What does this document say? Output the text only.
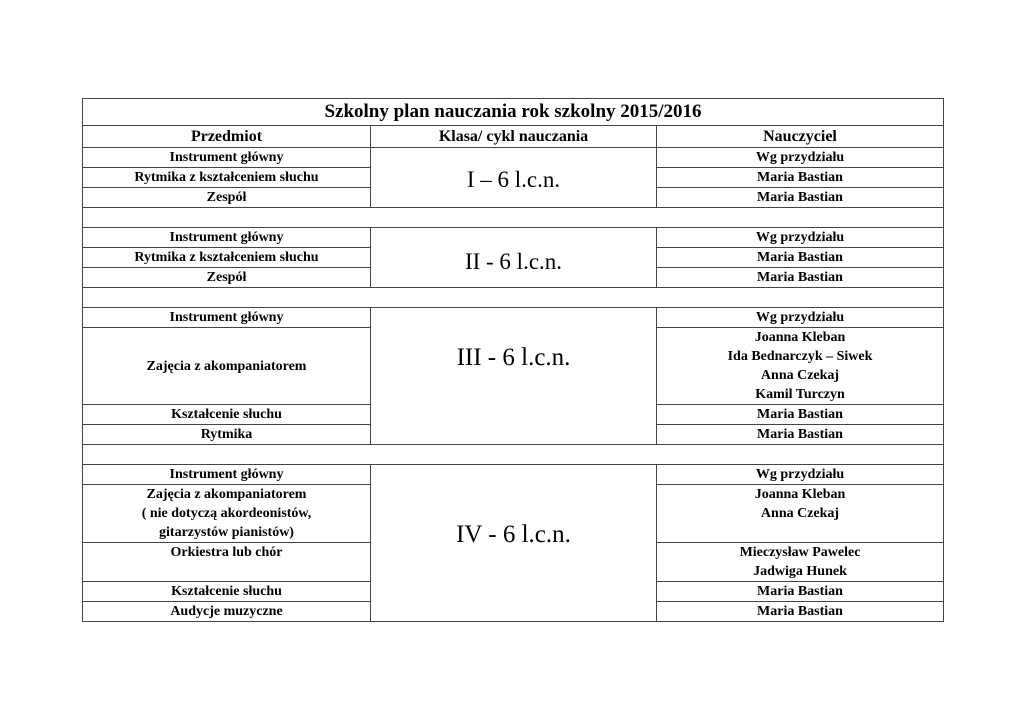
Szkolny plan nauczania rok szkolny 2015/2016		
Przedmiot	Klasa/ cykl nauczania	Nauczyciel
Instrument główny	I – 6 l.c.n.	Wg przydziału
Rytmika z kształceniem słuchu		Maria Bastian
Zespół		Maria Bastian

Instrument główny	II - 6 l.c.n.	Wg przydziału
Rytmika z kształceniem słuchu		Maria Bastian
Zespół		Maria Bastian

Instrument główny	III - 6 l.c.n.	Wg przydziału
Zajęcia z akompaniatorem		Joanna Kleban
Ida Bednarczyk – Siwek
Anna Czekaj
Kamil Turczyn

Kształcenie słuchu		Maria Bastian
Rytmika		Maria Bastian

Instrument główny	IV - 6 l.c.n.	Wg przydziału

Zajęcia z akompaniatorem
( nie dotyczą akordeonistów,
gitarzystów pianistów)		Joanna Kleban
Anna Czekaj

Orkiestra lub chór		Mieczysław Pawelec
Jadwiga Hunek

Kształcenie słuchu		Maria Bastian
Audycje muzyczne		Maria Bastian
